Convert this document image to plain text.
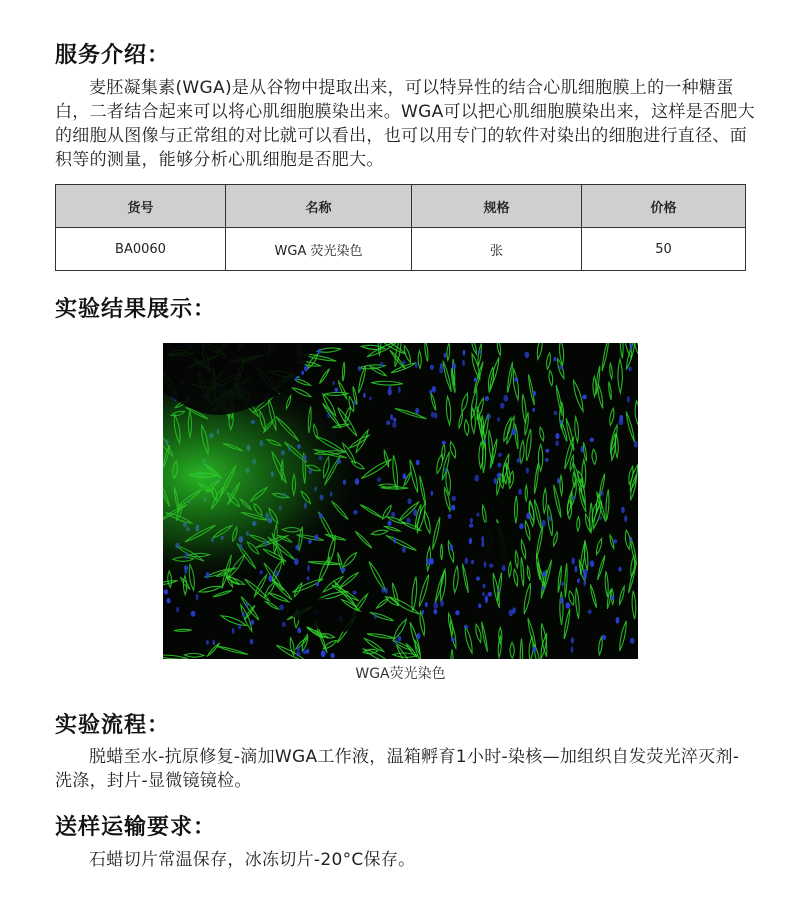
服务介绍：

麦胚凝集素(WGA)是从谷物中提取出来，可以特异性的结合心肌细胞膜上的一种糖蛋白，二者结合起来可以将心肌细胞膜染出来。WGA可以把心肌细胞膜染出来，这样是否肥大的细胞从图像与正常组的对比就可以看出，也可以用专门的软件对染出的细胞进行直径、面积等的测量，能够分析心肌细胞是否肥大。

货号	名称	规格	价格
BA0060	WGA 荧光染色	张	50
实验结果展示：

WGA荧光染色

实验流程：

脱蜡至水-抗原修复-滴加WGA工作液，温箱孵育1小时-染核—加组织自发荧光淬灭剂-洗涤，封片-显微镜镜检。

送样运输要求：

石蜡切片常温保存，冰冻切片-20°C保存。
